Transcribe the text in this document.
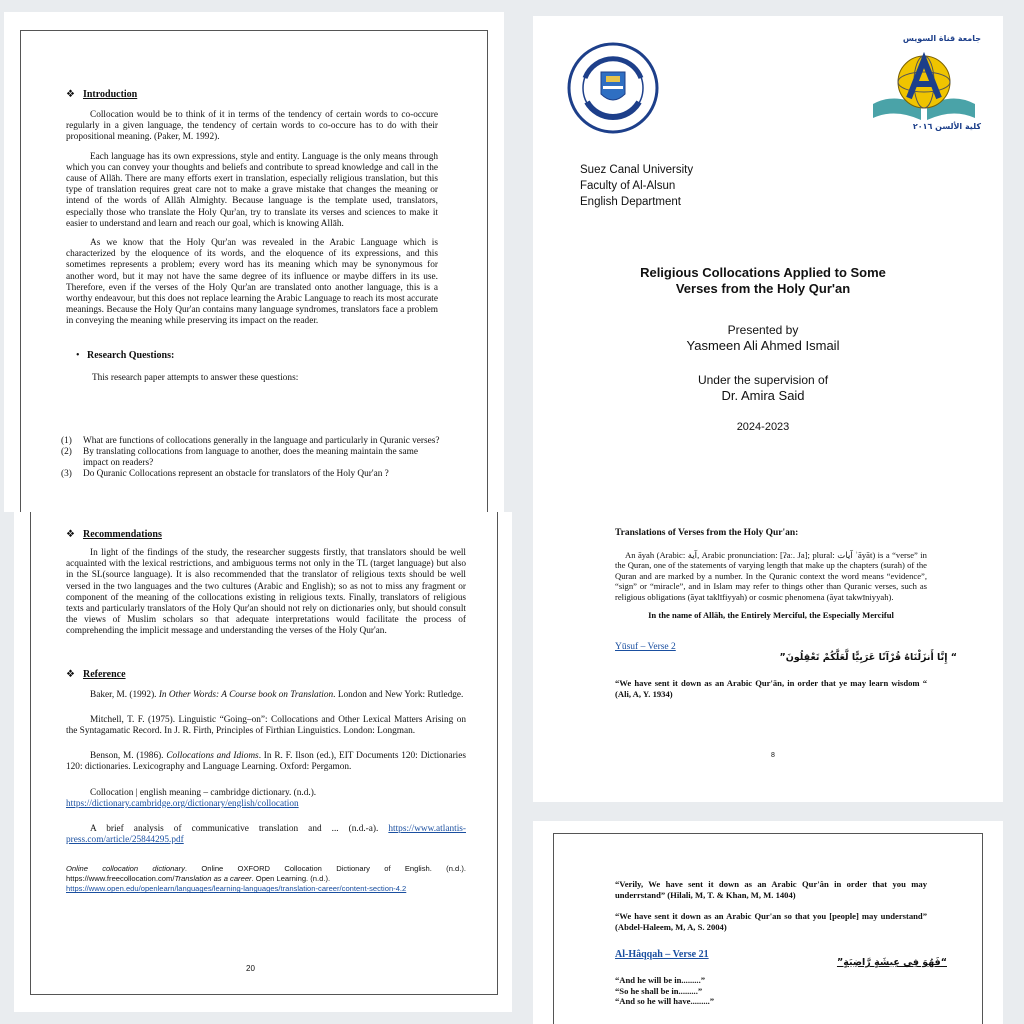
❖ Introduction

Collocation would be to think of it in terms of the tendency of certain words to co-occure regularly in a given language, the tendency of certain words to co-occure has to do with their propositional meaning. (Paker, M. 1992).

Each language has its own expressions, style and entity. Language is the only means through which you can convey your thoughts and beliefs and contribute to spread knowledge and call in the cause of Allāh. There are many efforts exert in translation, especially religious translation, but this type of translation requires great care not to make a grave mistake that changes the meaning or intend of the words of Allāh Almighty. Because language is the template used, translators, especially those who translate the Holy Qur'an, try to translate its verses and sciences to make it easier to understand and learn and reach our goal, which is knowing Allāh.

As we know that the Holy Qur'an was revealed in the Arabic Language which is characterized by the eloquence of its words, and the eloquence of its expressions, and this sometimes represents a problem; every word has its meaning which may be synonymous for another word, but it may not have the same degree of its influence or maybe differs in its use. Therefore, even if the verses of the Holy Qur'an are translated onto another language, this is a worthy endeavour, but this does not replace learning the Arabic Language to reach its most accurate meanings. Because the Holy Qur'an contains many language syndromes, translators face a problem in conveying the meaning while preserving its impact on the reader.

•   Research Questions:

This research paper attempts to answer these questions:

(1) What are functions of collocations generally in the language and particularly in Quranic verses?
(2) By translating collocations from language to another, does the meaning maintain the same impact on readers?
(3) Do Quranic Collocations represent an obstacle for translators of the Holy Qur'an ?
جامعة قناة السويس
كلية الألسن ٢٠١٦
Suez Canal University
Faculty of Al-Alsun
English Department
Religious Collocations Applied to Some
Verses from the Holy Qur'an
Presented by
Yasmeen Ali Ahmed Ismail
Under the supervision of
Dr. Amira Said
2024-2023
❖ Recommendations

In light of the findings of the study, the researcher suggests firstly, that translators should be well acquainted with the lexical restrictions, and ambiguous terms not only in the TL (target language) but also in the SL(source language). It is also recommended that the translator of religious texts should be well versed in the two languages and the two cultures (Arabic and English); so as not to miss any fragment or component of the meaning of the collocations existing in religious texts. Finally, translators of religious texts and particularly translators of the Holy Qur'an should not rely on dictionaries only, but should consult the views of Muslim scholars so that adequate interpretations would facilitate the process of comprehending the implicit message and understanding the verses of the Holy Qur'an.

❖ Reference

Baker, M. (1992). In Other Words: A Course book on Translation. London and New York: Rutledge.

Mitchell, T. F. (1975). Linguistic “Going–on”: Collocations and Other Lexical Matters Arising on the Syntagamatic Record. In J. R. Firth, Principles of Firthian Linguistics. London: Longman.

Benson, M. (1986). Collocations and Idioms. In R. F. Ilson (ed.), EIT Documents 120: Dictionaries 120: dictionaries. Lexicography and Language Learning. Oxford: Pergamon.

Collocation | english meaning – cambridge dictionary. (n.d.).
https://dictionary.cambridge.org/dictionary/english/collocation

A brief analysis of communicative translation and ... (n.d.-a). https://www.atlantis-press.com/article/25844295.pdf

Online collocation dictionary. Online OXFORD Collocation Dictionary of English. (n.d.). https://www.freecollocation.com/Translation as a career. Open Learning. (n.d.).
https://www.open.edu/openlearn/languages/learning-languages/translation-career/content-section-4.2

20
Translations of Verses from the Holy Qur'an:

An āyah (Arabic: آية, Arabic pronunciation: [ʔaː. Ja]; plural: آيات ʾāyāt) is a “verse” in the Quran, one of the statements of varying length that make up the chapters (surah) of the Quran and are marked by a number. In the Quranic context the word means “evidence”, “sign” or “miracle”, and in Islam may refer to things other than Quranic verses, such as religious obligations (āyat taklīfiyyah) or cosmic phenomena (āyat takwīniyyah).

In the name of Allāh, the Entirely Merciful, the Especially Merciful
Yūsuf – Verse 2
“ إِنَّا أَنزَلْنَاهُ قُرْآنًا عَرَبِيًّا لَّعَلَّكُمْ تَعْقِلُونَ”

“We have sent it down as an Arabic Qur'ān, in order that ye may learn wisdom “ (Ali, A, Y. 1934)

8

“Verily, We have sent it down as an Arabic Qur'ân in order that you may underrstand” (Hilali, M, T. & Khan, M, M. 1404)

“We have sent it down as an Arabic Qur'an so that you [people] may understand” (Abdel-Haleem, M, A, S. 2004)

Al-Hâqqah – Verse 21
“فَهُوَ فِي عِيشَةٍ رَّاضِيَةٍ”
“And he will be in.........”
“So he shall be in.........”
“And so he will have.........”
